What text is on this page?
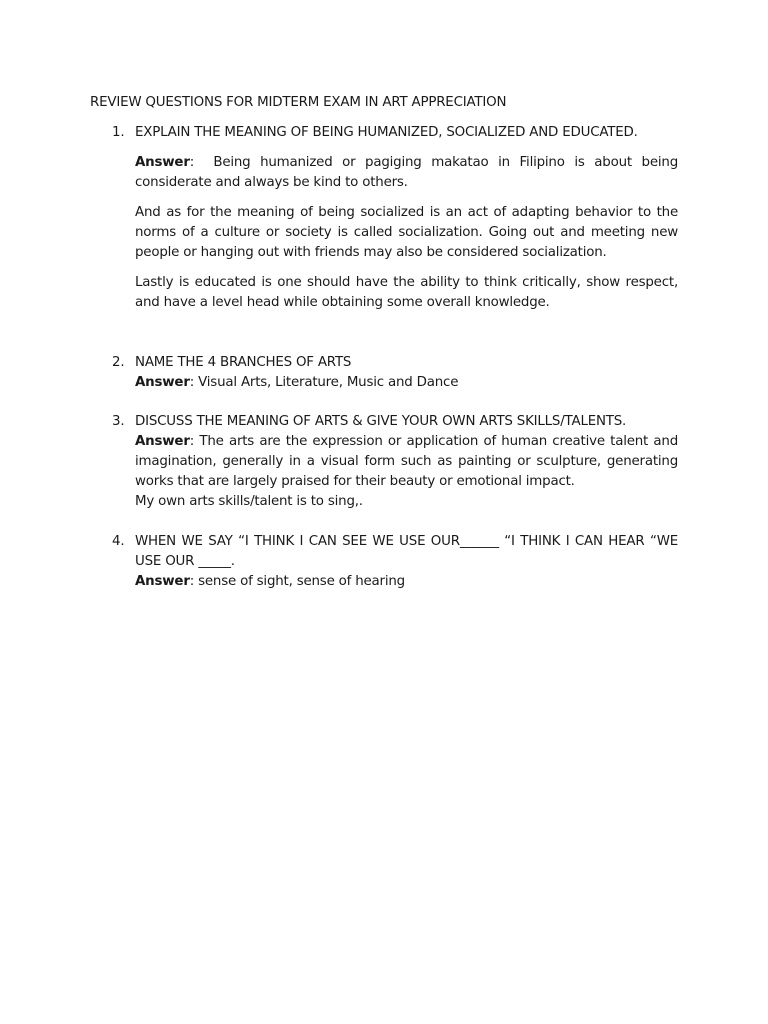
REVIEW QUESTIONS FOR MIDTERM EXAM IN ART APPRECIATION
1. EXPLAIN THE MEANING OF BEING HUMANIZED, SOCIALIZED AND EDUCATED.
Answer:  Being humanized or pagiging makatao in Filipino is about being considerate and always be kind to others.
And as for the meaning of being socialized is an act of adapting behavior to the norms of a culture or society is called socialization. Going out and meeting new people or hanging out with friends may also be considered socialization.
Lastly is educated is one should have the ability to think critically, show respect, and have a level head while obtaining some overall knowledge.
2. NAME THE 4 BRANCHES OF ARTS
Answer: Visual Arts, Literature, Music and Dance
3. DISCUSS THE MEANING OF ARTS & GIVE YOUR OWN ARTS SKILLS/TALENTS.
Answer: The arts are the expression or application of human creative talent and imagination, generally in a visual form such as painting or sculpture, generating works that are largely praised for their beauty or emotional impact.
My own arts skills/talent is to sing,.
4. WHEN WE SAY “I THINK I CAN SEE WE USE OUR______ “I THINK I CAN HEAR “WE USE OUR _____.
Answer: sense of sight, sense of hearing
